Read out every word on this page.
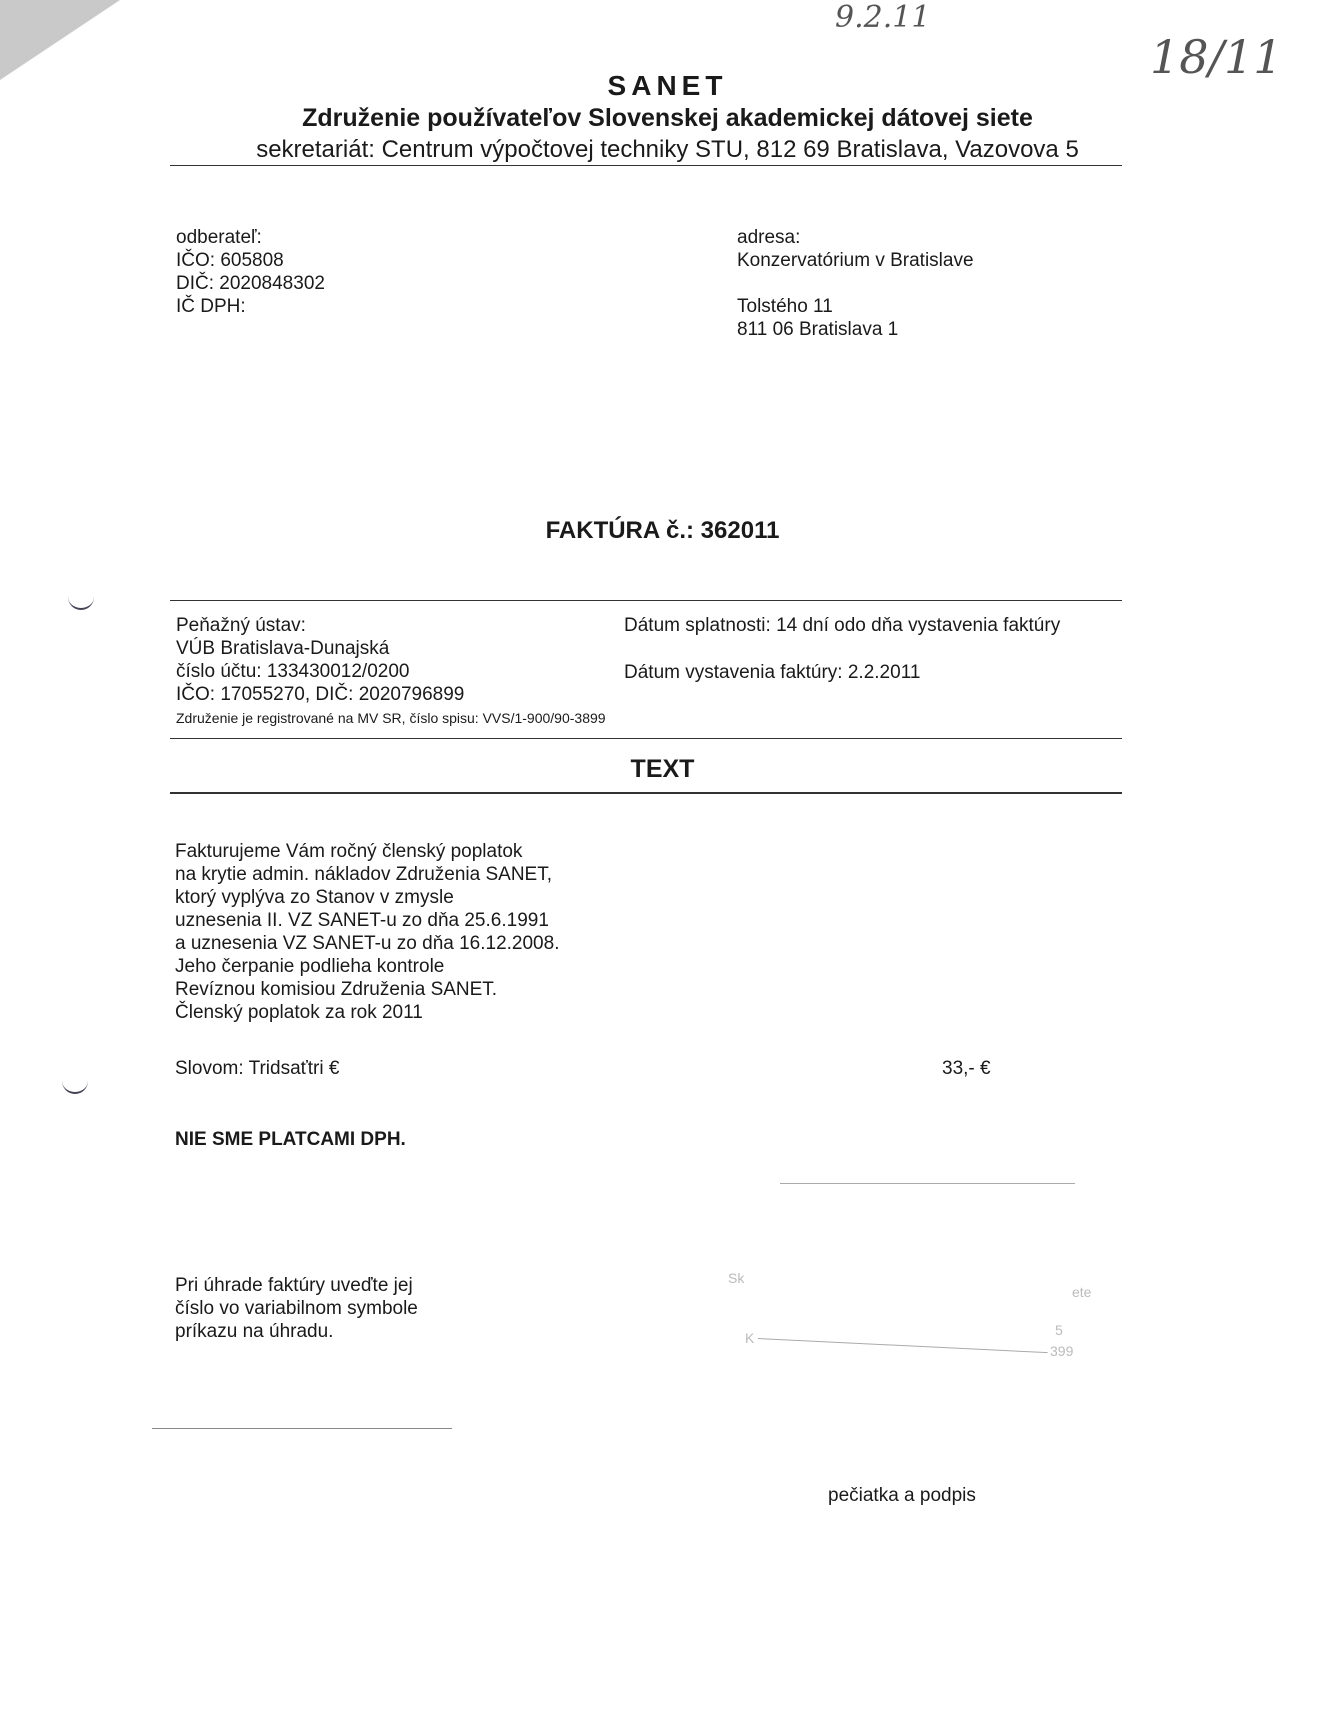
9.2.11
18/11
SANET
Združenie používateľov Slovenskej akademickej dátovej siete
sekretariát: Centrum výpočtovej techniky STU, 812 69 Bratislava, Vazovova 5

odberateľ:

IČO: 605808

DIČ: 2020848302

IČ DPH:

adresa:

Konzervatórium v Bratislave

Tolstého 11

811 06 Bratislava 1

FAKTÚRA č.: 362011

Peňažný ústav:

VÚB Bratislava-Dunajská

číslo účtu: 133430012/0200

IČO: 17055270, DIČ: 2020796899

Združenie je registrované na MV SR, číslo spisu: VVS/1-900/90-3899
Dátum splatnosti: 14 dní odo dňa vystavenia faktúry
Dátum vystavenia faktúry: 2.2.2011
TEXT

Fakturujeme Vám ročný členský poplatok

na krytie admin. nákladov Združenia SANET,

ktorý vyplýva zo Stanov v zmysle

uznesenia II. VZ SANET-u zo dňa 25.6.1991

a uznesenia VZ SANET-u zo dňa 16.12.2008.

Jeho čerpanie podlieha kontrole

Revíznou komisiou Združenia SANET.

Členský poplatok za rok 2011

Slovom: Tridsaťtri €	33,- €
NIE SME PLATCAMI DPH.

Pri úhrade faktúry uveďte jej

číslo vo variabilnom symbole

príkazu na úhradu.

Sk
ete
5
399
K
pečiatka a podpis
